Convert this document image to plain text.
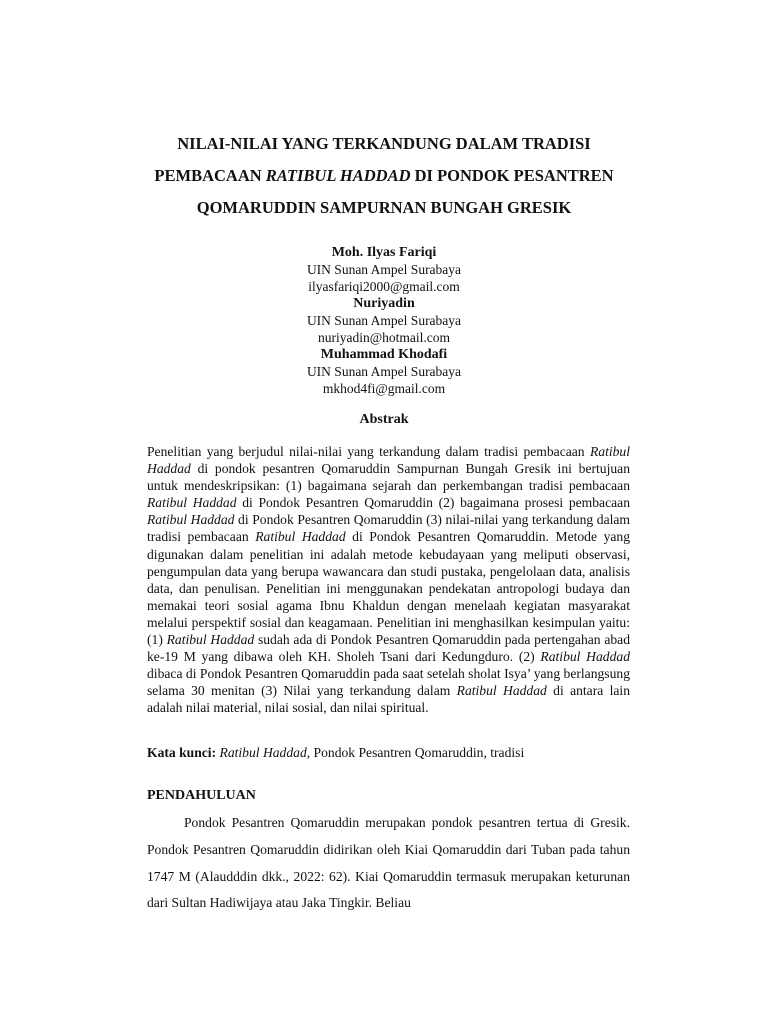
NILAI-NILAI YANG TERKANDUNG DALAM TRADISI
PEMBACAAN RATIBUL HADDAD DI PONDOK PESANTREN
QOMARUDDIN SAMPURNAN BUNGAH GRESIK
Moh. Ilyas Fariqi
UIN Sunan Ampel Surabaya
ilyasfariqi2000@gmail.com
Nuriyadin
UIN Sunan Ampel Surabaya
nuriyadin@hotmail.com
Muhammad Khodafi
UIN Sunan Ampel Surabaya
mkhod4fi@gmail.com
Abstrak
Penelitian yang berjudul nilai-nilai yang terkandung dalam tradisi pembacaan Ratibul Haddad di pondok pesantren Qomaruddin Sampurnan Bungah Gresik ini bertujuan untuk mendeskripsikan: (1) bagaimana sejarah dan perkembangan tradisi pembacaan Ratibul Haddad di Pondok Pesantren Qomaruddin (2) bagaimana prosesi pembacaan Ratibul Haddad di Pondok Pesantren Qomaruddin (3) nilai-nilai yang terkandung dalam tradisi pembacaan Ratibul Haddad di Pondok Pesantren Qomaruddin. Metode yang digunakan dalam penelitian ini adalah metode kebudayaan yang meliputi observasi, pengumpulan data yang berupa wawancara dan studi pustaka, pengelolaan data, analisis data, dan penulisan. Penelitian ini menggunakan pendekatan antropologi budaya dan memakai teori sosial agama Ibnu Khaldun dengan menelaah kegiatan masyarakat melalui perspektif sosial dan keagamaan. Penelitian ini menghasilkan kesimpulan yaitu: (1) Ratibul Haddad sudah ada di Pondok Pesantren Qomaruddin pada pertengahan abad ke-19 M yang dibawa oleh KH. Sholeh Tsani dari Kedungduro. (2) Ratibul Haddad dibaca di Pondok Pesantren Qomaruddin pada saat setelah sholat Isya’ yang berlangsung selama 30 menitan (3) Nilai yang terkandung dalam Ratibul Haddad di antara lain adalah nilai material, nilai sosial, dan nilai spiritual.
Kata kunci: Ratibul Haddad, Pondok Pesantren Qomaruddin, tradisi
PENDAHULUAN
Pondok Pesantren Qomaruddin merupakan pondok pesantren tertua di Gresik. Pondok Pesantren Qomaruddin didirikan oleh Kiai Qomaruddin dari Tuban pada tahun 1747 M (Alaudddin dkk., 2022: 62). Kiai Qomaruddin termasuk merupakan keturunan dari Sultan Hadiwijaya atau Jaka Tingkir. Beliau
